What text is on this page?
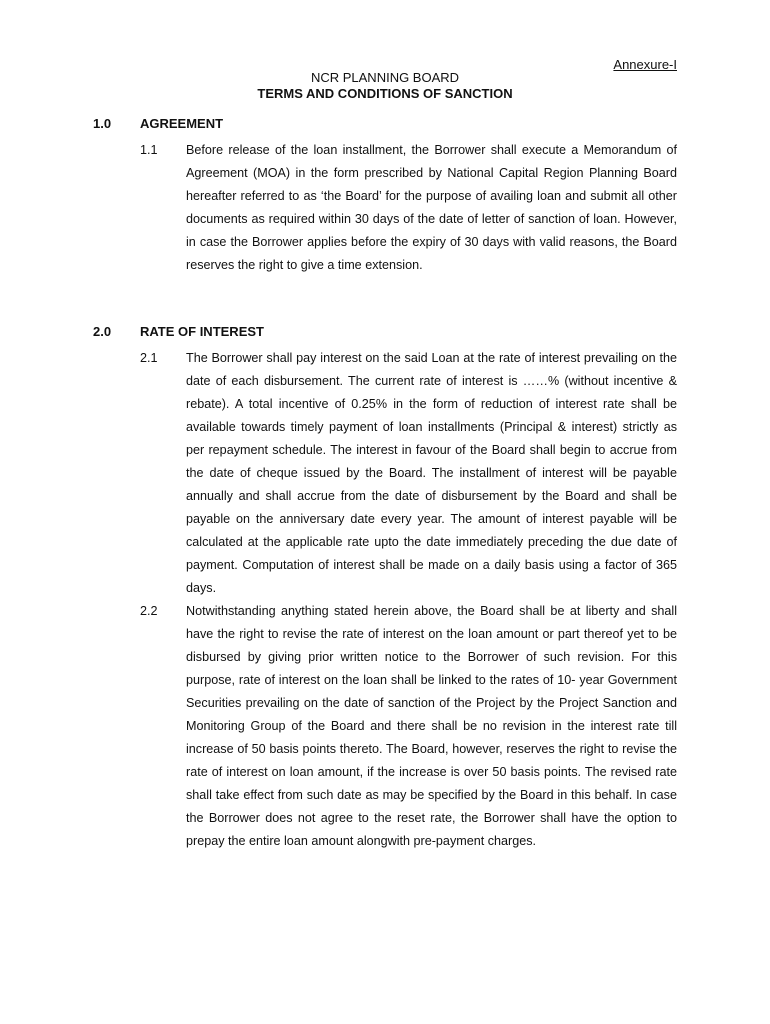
Annexure-I
NCR PLANNING BOARD
TERMS AND CONDITIONS OF SANCTION
1.0	AGREEMENT
1.1	Before release of the loan installment, the Borrower shall execute a Memorandum of Agreement (MOA) in the form prescribed by National Capital Region Planning Board hereafter referred to as ‘the Board’ for the purpose of availing loan and submit all other documents as required within 30 days of the date of letter of sanction of loan. However, in case the Borrower applies before the expiry of 30 days with valid reasons, the Board reserves the right to give a time extension.
2.0	RATE OF INTEREST
2.1	The Borrower shall pay interest on the said Loan at the rate of interest prevailing on the date of each disbursement. The current rate of interest is ……% (without incentive & rebate). A total incentive of 0.25% in the form of reduction of interest rate shall be available towards timely payment of loan installments (Principal & interest) strictly as per repayment schedule. The interest in favour of the Board shall begin to accrue from the date of cheque issued by the Board. The installment of interest will be payable annually and shall accrue from the date of disbursement by the Board and shall be payable on the anniversary date every year. The amount of interest payable will be calculated at the applicable rate upto the date immediately preceding the due date of payment. Computation of interest shall be made on a daily basis using a factor of 365 days.
2.2	Notwithstanding anything stated herein above, the Board shall be at liberty and shall have the right to revise the rate of interest on the loan amount or part thereof yet to be disbursed by giving prior written notice to the Borrower of such revision. For this purpose, rate of interest on the loan shall be linked to the rates of 10- year Government Securities prevailing on the date of sanction of the Project by the Project Sanction and Monitoring Group of the Board and there shall be no revision in the interest rate till increase of 50 basis points thereto. The Board, however, reserves the right to revise the rate of interest on loan amount, if the increase is over 50 basis points. The revised rate shall take effect from such date as may be specified by the Board in this behalf. In case the Borrower does not agree to the reset rate, the Borrower shall have the option to prepay the entire loan amount alongwith pre-payment charges.
